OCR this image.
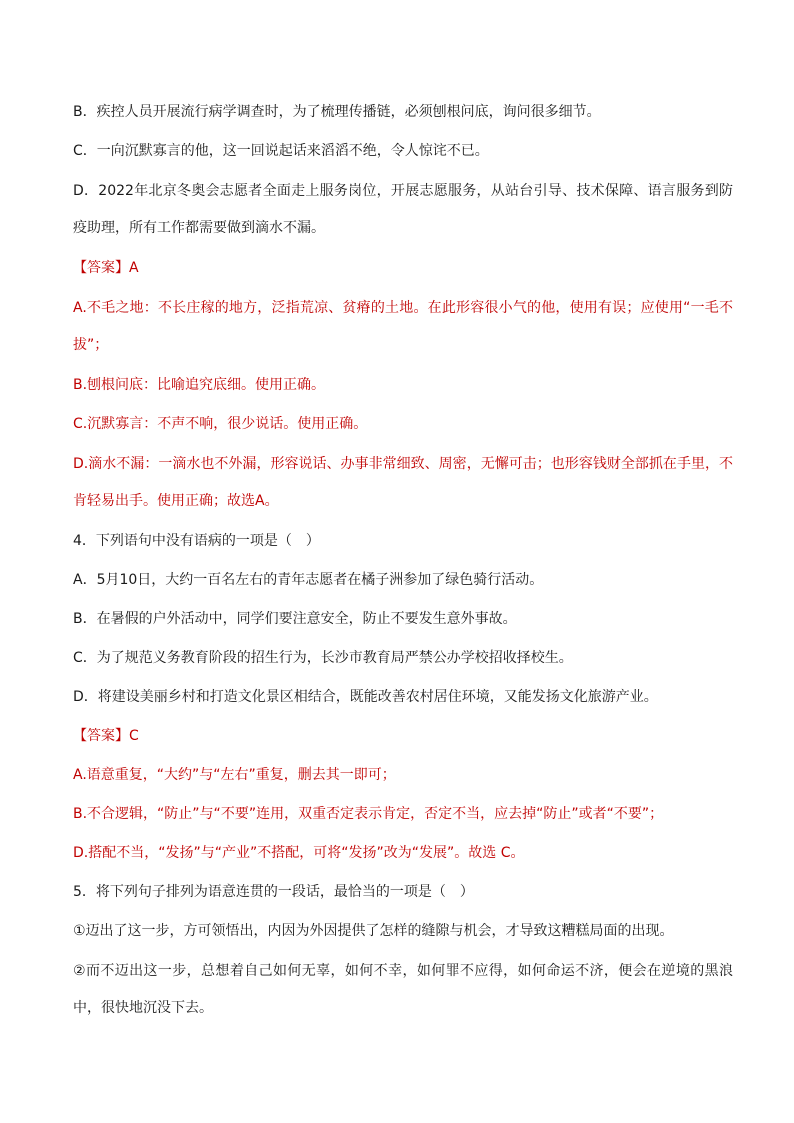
B．疾控人员开展流行病学调查时，为了梳理传播链，必须刨根问底，询问很多细节。

C．一向沉默寡言的他，这一回说起话来滔滔不绝，令人惊诧不已。

D．2022年北京冬奥会志愿者全面走上服务岗位，开展志愿服务，从站台引导、技术保障、语言服务到防疫助理，所有工作都需要做到滴水不漏。

【答案】A

A.不毛之地：不长庄稼的地方，泛指荒凉、贫瘠的土地。在此形容很小气的他，使用有误；应使用“一毛不拔”；

B.刨根问底：比喻追究底细。使用正确。

C.沉默寡言：不声不响，很少说话。使用正确。

D.滴水不漏：一滴水也不外漏，形容说话、办事非常细致、周密，无懈可击；也形容钱财全部抓在手里，不肯轻易出手。使用正确；故选A。

4．下列语句中没有语病的一项是（　）

A．5月10日，大约一百名左右的青年志愿者在橘子洲参加了绿色骑行活动。

B．在暑假的户外活动中，同学们要注意安全，防止不要发生意外事故。

C．为了规范义务教育阶段的招生行为，长沙市教育局严禁公办学校招收择校生。

D．将建设美丽乡村和打造文化景区相结合，既能改善农村居住环境，又能发扬文化旅游产业。

【答案】C

A.语意重复，“大约”与“左右”重复，删去其一即可；

B.不合逻辑，“防止”与“不要”连用，双重否定表示肯定，否定不当，应去掉“防止”或者“不要”；

D.搭配不当，“发扬”与“产业”不搭配，可将“发扬”改为“发展”。故选 C。

5．将下列句子排列为语意连贯的一段话，最恰当的一项是（　）

①迈出了这一步，方可领悟出，内因为外因提供了怎样的缝隙与机会，才导致这糟糕局面的出现。

②而不迈出这一步，总想着自己如何无辜，如何不幸，如何罪不应得，如何命运不济，便会在逆境的黑浪中，很快地沉没下去。
